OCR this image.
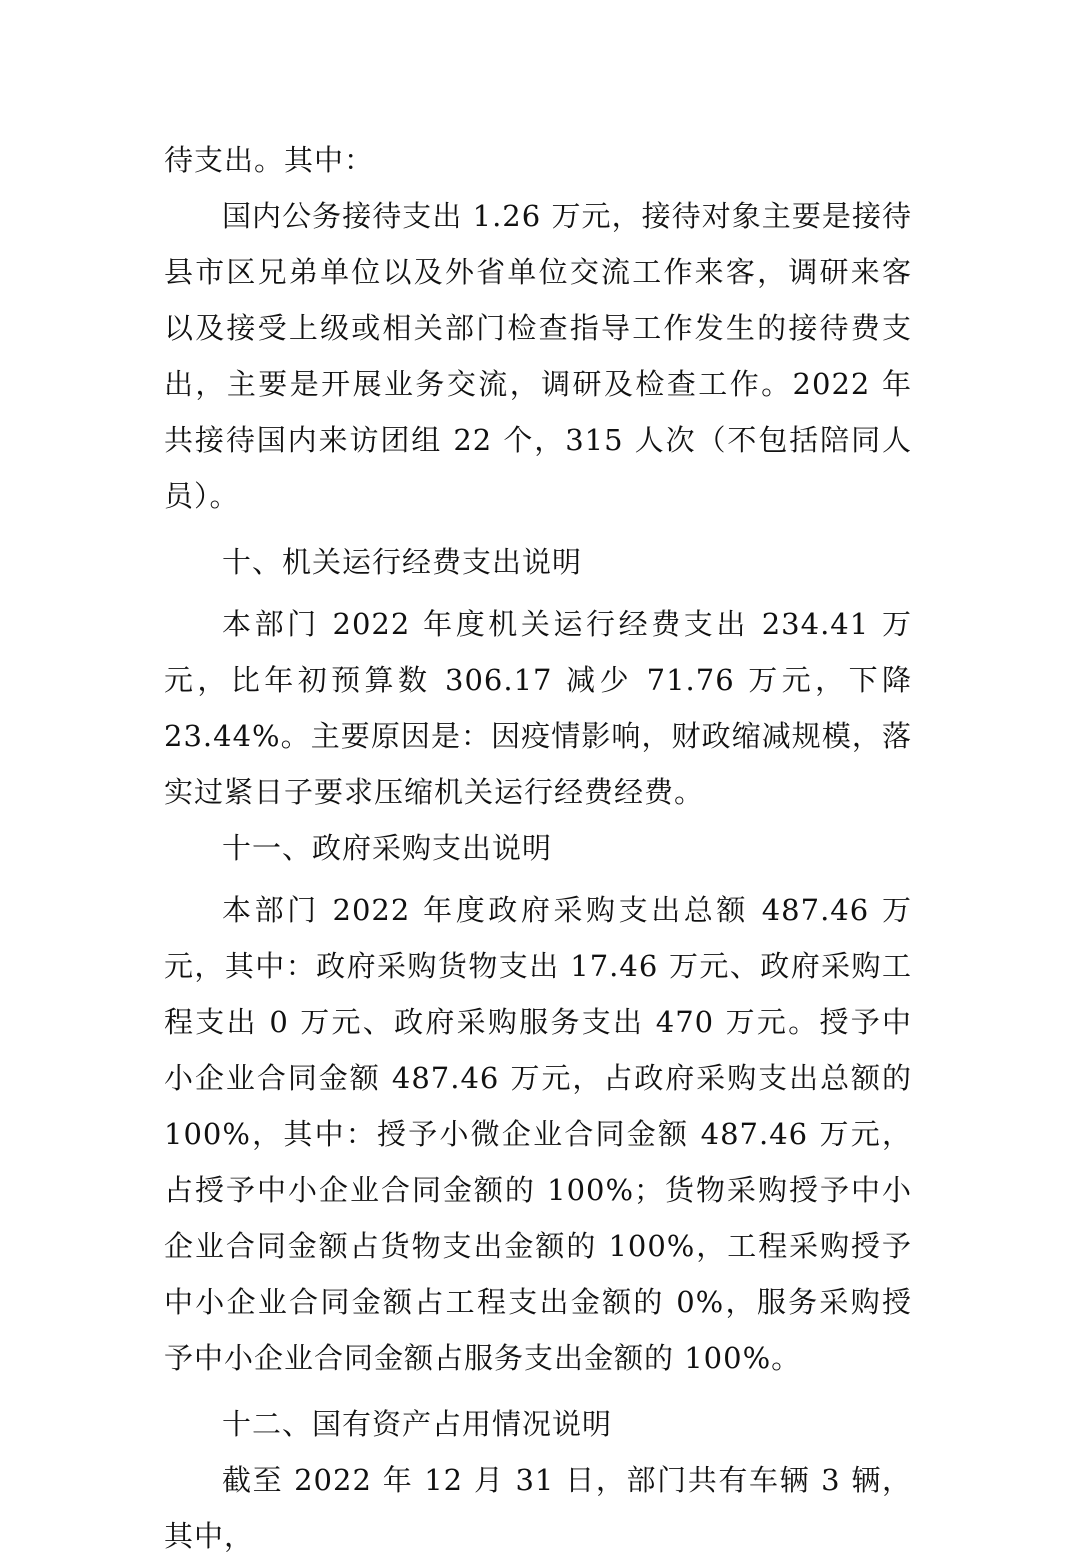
待支出。其中：

国内公务接待支出 1.26 万元，接待对象主要是接待县市区兄弟单位以及外省单位交流工作来客，调研来客以及接受上级或相关部门检查指导工作发生的接待费支出，主要是开展业务交流，调研及检查工作。2022 年共接待国内来访团组 22 个，315 人次（不包括陪同人员）。

十、机关运行经费支出说明

本部门 2022 年度机关运行经费支出 234.41 万元，比年初预算数 306.17 减少 71.76 万元，下降 23.44%。主要原因是：因疫情影响，财政缩减规模，落实过紧日子要求压缩机关运行经费经费。

十一、政府采购支出说明

本部门 2022 年度政府采购支出总额 487.46 万元，其中：政府采购货物支出 17.46 万元、政府采购工程支出 0 万元、政府采购服务支出 470 万元。授予中小企业合同金额 487.46 万元，占政府采购支出总额的 100%，其中：授予小微企业合同金额 487.46 万元，占授予中小企业合同金额的 100%；货物采购授予中小企业合同金额占货物支出金额的 100%，工程采购授予中小企业合同金额占工程支出金额的 0%，服务采购授予中小企业合同金额占服务支出金额的 100%。

十二、国有资产占用情况说明

截至 2022 年 12 月 31 日，部门共有车辆 3 辆，其中，
